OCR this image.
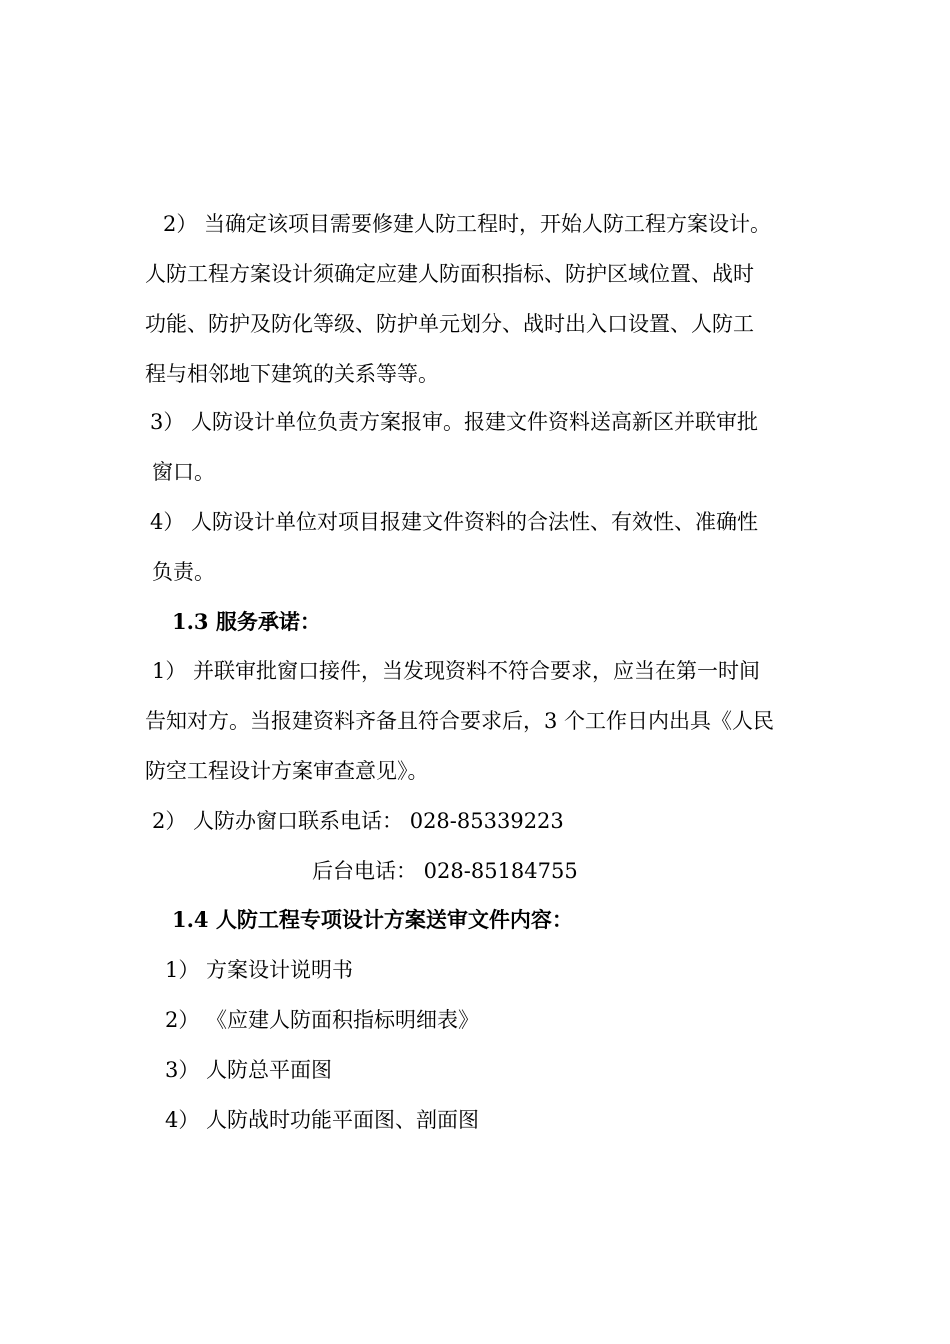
2） 当确定该项目需要修建人防工程时，开始人防工程方案设计。
人防工程方案设计须确定应建人防面积指标、防护区域位置、战时
功能、防护及防化等级、防护单元划分、战时出入口设置、人防工
程与相邻地下建筑的关系等等。
3） 人防设计单位负责方案报审。报建文件资料送高新区并联审批
窗口。
4） 人防设计单位对项目报建文件资料的合法性、有效性、准确性
负责。
1.3 服务承诺：
1） 并联审批窗口接件，当发现资料不符合要求，应当在第一时间
告知对方。当报建资料齐备且符合要求后，3 个工作日内出具《人民
防空工程设计方案审查意见》。
2） 人防办窗口联系电话： 028-85339223
后台电话： 028-85184755
1.4 人防工程专项设计方案送审文件内容：
1） 方案设计说明书
2） 《应建人防面积指标明细表》
3） 人防总平面图
4） 人防战时功能平面图、剖面图
